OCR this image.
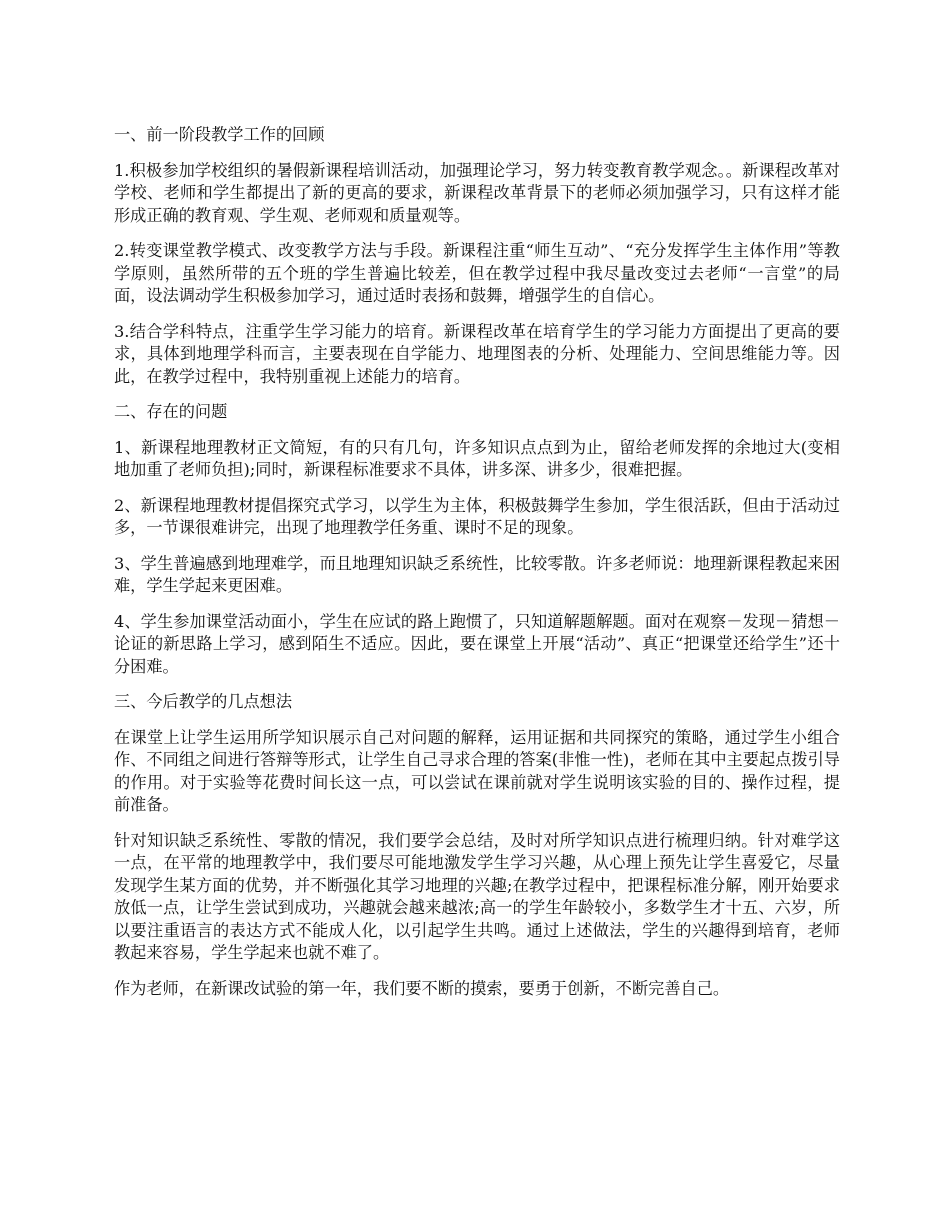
一、前一阶段教学工作的回顾

1.积极参加学校组织的暑假新课程培训活动，加强理论学习，努力转变教育教学观念。。新课程改革对学校、老师和学生都提出了新的更高的要求，新课程改革背景下的老师必须加强学习，只有这样才能形成正确的教育观、学生观、老师观和质量观等。

2.转变课堂教学模式、改变教学方法与手段。新课程注重“师生互动”、“充分发挥学生主体作用”等教学原则，虽然所带的五个班的学生普遍比较差，但在教学过程中我尽量改变过去老师“一言堂”的局面，设法调动学生积极参加学习，通过适时表扬和鼓舞，增强学生的自信心。

3.结合学科特点，注重学生学习能力的培育。新课程改革在培育学生的学习能力方面提出了更高的要求，具体到地理学科而言，主要表现在自学能力、地理图表的分析、处理能力、空间思维能力等。因此，在教学过程中，我特别重视上述能力的培育。

二、存在的问题

1、新课程地理教材正文简短，有的只有几句，许多知识点点到为止，留给老师发挥的余地过大(变相地加重了老师负担);同时，新课程标准要求不具体，讲多深、讲多少，很难把握。

2、新课程地理教材提倡探究式学习，以学生为主体，积极鼓舞学生参加，学生很活跃，但由于活动过多，一节课很难讲完，出现了地理教学任务重、课时不足的现象。

3、学生普遍感到地理难学，而且地理知识缺乏系统性，比较零散。许多老师说：地理新课程教起来困难，学生学起来更困难。

4、学生参加课堂活动面小，学生在应试的路上跑惯了，只知道解题解题。面对在观察－发现－猜想－论证的新思路上学习，感到陌生不适应。因此，要在课堂上开展“活动”、真正“把课堂还给学生”还十分困难。

三、今后教学的几点想法

在课堂上让学生运用所学知识展示自己对问题的解释，运用证据和共同探究的策略，通过学生小组合作、不同组之间进行答辩等形式，让学生自己寻求合理的答案(非惟一性)，老师在其中主要起点拨引导的作用。对于实验等花费时间长这一点，可以尝试在课前就对学生说明该实验的目的、操作过程，提前准备。

针对知识缺乏系统性、零散的情况，我们要学会总结，及时对所学知识点进行梳理归纳。针对难学这一点，在平常的地理教学中，我们要尽可能地激发学生学习兴趣，从心理上预先让学生喜爱它，尽量发现学生某方面的优势，并不断强化其学习地理的兴趣;在教学过程中，把课程标准分解，刚开始要求放低一点，让学生尝试到成功，兴趣就会越来越浓;高一的学生年龄较小，多数学生才十五、六岁，所以要注重语言的表达方式不能成人化，以引起学生共鸣。通过上述做法，学生的兴趣得到培育，老师教起来容易，学生学起来也就不难了。

作为老师，在新课改试验的第一年，我们要不断的摸索，要勇于创新，不断完善自己。
